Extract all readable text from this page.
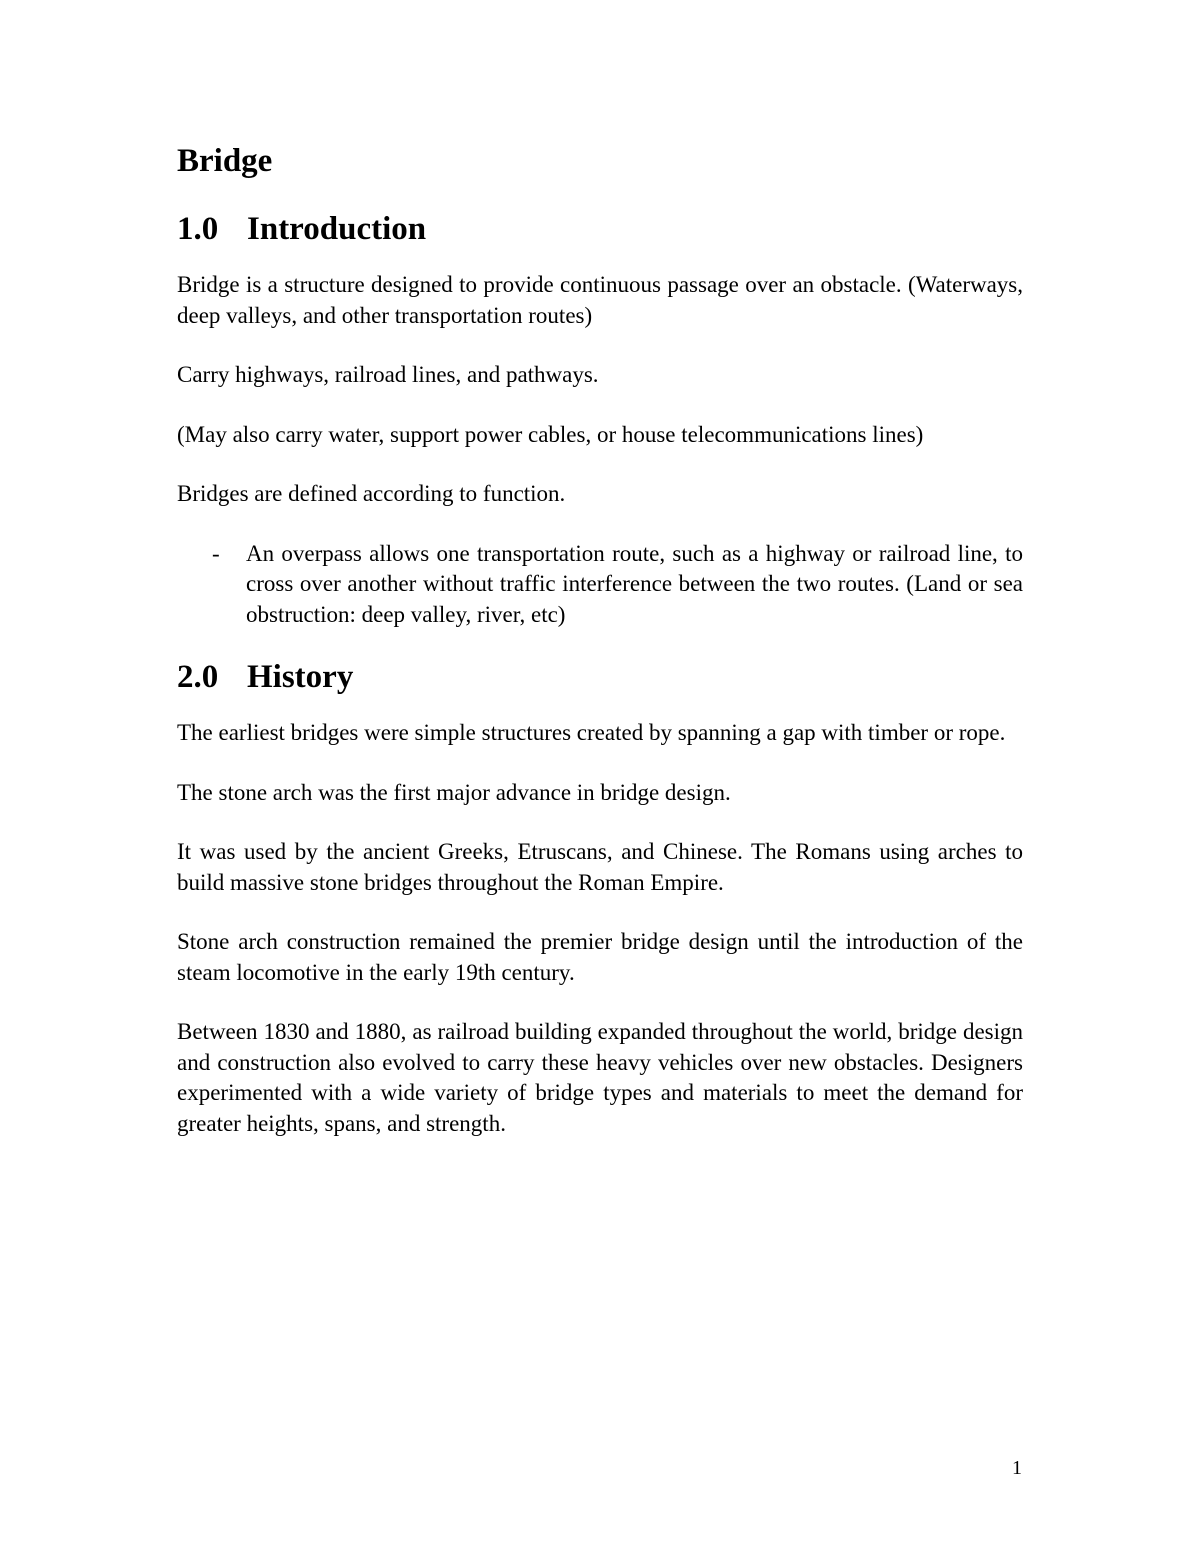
Bridge
1.0 Introduction

Bridge is a structure designed to provide continuous passage over an obstacle. (Waterways, deep valleys, and other transportation routes)

Carry highways, railroad lines, and pathways.

(May also carry water, support power cables, or house telecommunications lines)

Bridges are defined according to function.

-	An overpass allows one transportation route, such as a highway or railroad line, to cross over another without traffic interference between the two routes. (Land or sea obstruction: deep valley, river, etc)
2.0 History

The earliest bridges were simple structures created by spanning a gap with timber or rope.

The stone arch was the first major advance in bridge design.

It was used by the ancient Greeks, Etruscans, and Chinese. The Romans using arches to build massive stone bridges throughout the Roman Empire.

Stone arch construction remained the premier bridge design until the introduction of the steam locomotive in the early 19th century.

Between 1830 and 1880, as railroad building expanded throughout the world, bridge design and construction also evolved to carry these heavy vehicles over new obstacles. Designers experimented with a wide variety of bridge types and materials to meet the demand for greater heights, spans, and strength.

1
